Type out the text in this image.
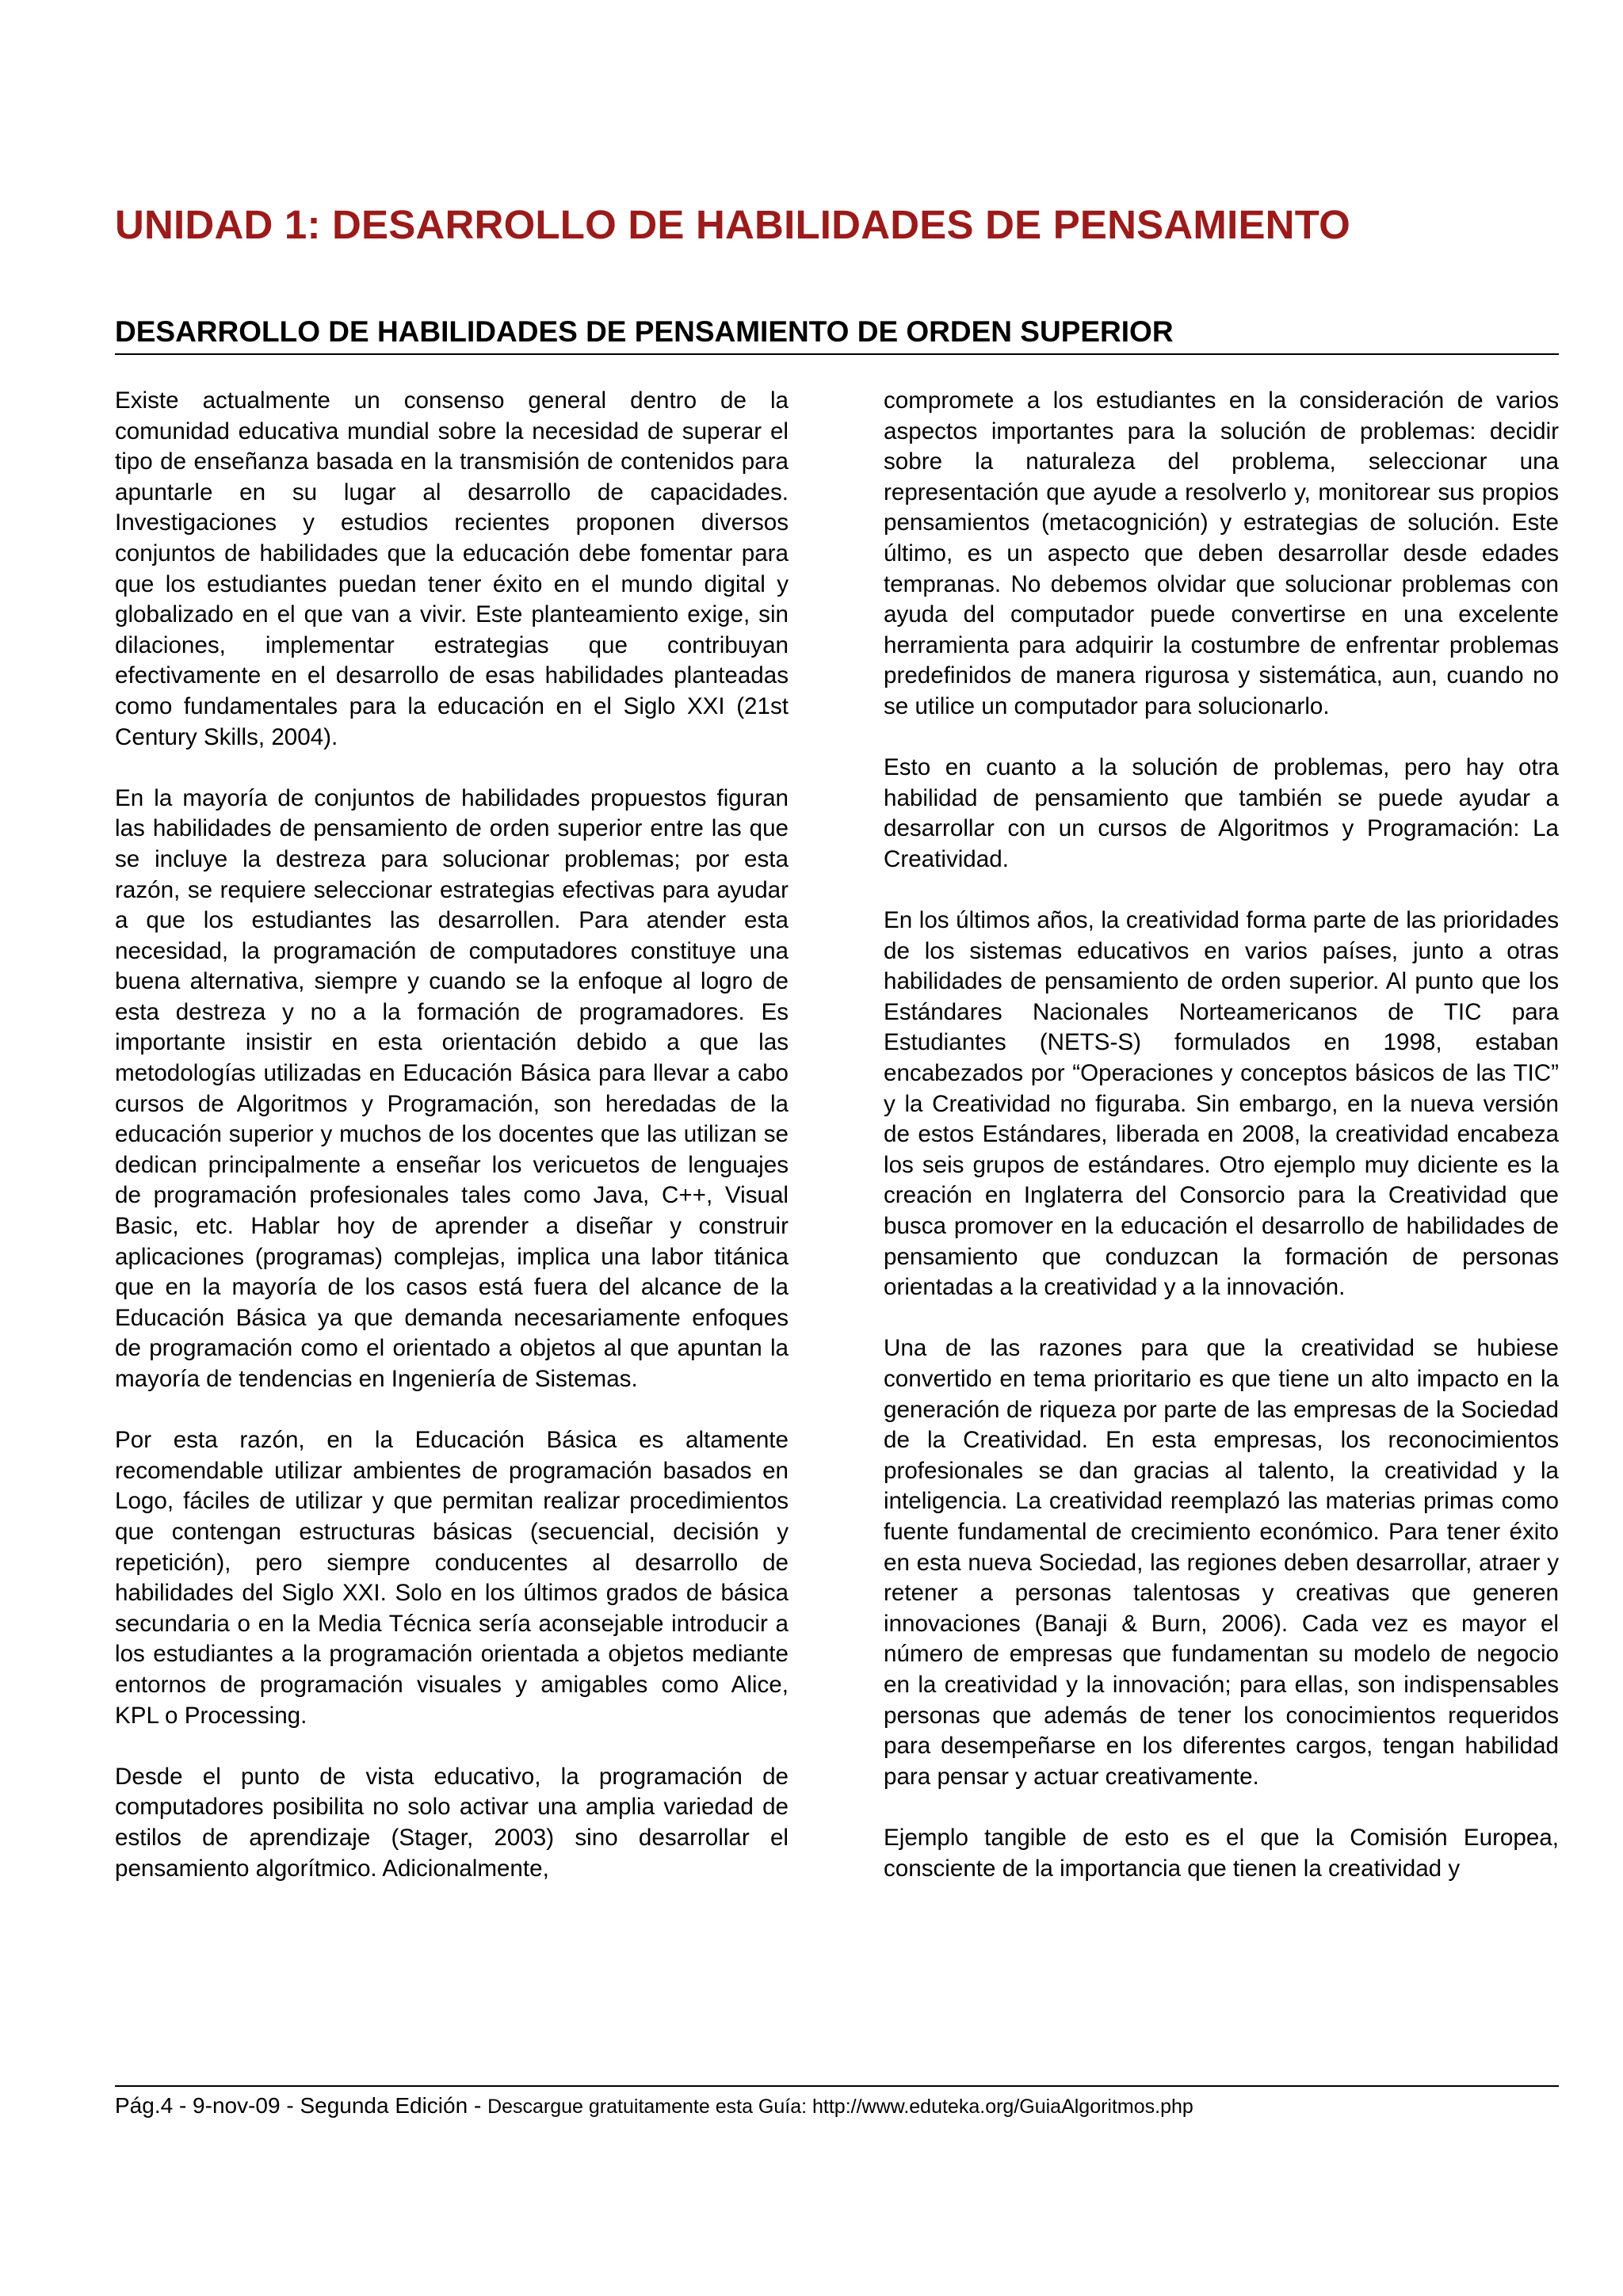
UNIDAD 1: DESARROLLO DE HABILIDADES DE PENSAMIENTO
DESARROLLO DE HABILIDADES DE PENSAMIENTO DE ORDEN SUPERIOR

Existe actualmente un consenso general dentro de la comunidad educativa mundial sobre la necesidad de superar el tipo de enseñanza basada en la transmisión de contenidos para apuntarle en su lugar al desarrollo de capacidades. Investigaciones y estudios recientes proponen diversos conjuntos de habilidades que la educación debe fomentar para que los estudiantes puedan tener éxito en el mundo digital y globalizado en el que van a vivir. Este planteamiento exige, sin dilaciones, implementar estrategias que contribuyan efectivamente en el desarrollo de esas habilidades planteadas como fundamentales para la educación en el Siglo XXI (21st Century Skills, 2004).

En la mayoría de conjuntos de habilidades propuestos figuran las habilidades de pensamiento de orden superior entre las que se incluye la destreza para solucionar problemas; por esta razón, se requiere seleccionar estrategias efectivas para ayudar a que los estudiantes las desarrollen. Para atender esta necesidad, la programación de computadores constituye una buena alternativa, siempre y cuando se la enfoque al logro de esta destreza y no a la formación de programadores. Es importante insistir en esta orientación debido a que las metodologías utilizadas en Educación Básica para llevar a cabo cursos de Algoritmos y Programación, son heredadas de la educación superior y muchos de los docentes que las utilizan se dedican principalmente a enseñar los vericuetos de lenguajes de programación profesionales tales como Java, C++, Visual Basic, etc. Hablar hoy de aprender a diseñar y construir aplicaciones (programas) complejas, implica una labor titánica que en la mayoría de los casos está fuera del alcance de la Educación Básica ya que demanda necesariamente enfoques de programación como el orientado a objetos al que apuntan la mayoría de tendencias en Ingeniería de Sistemas.

Por esta razón, en la Educación Básica es altamente recomendable utilizar ambientes de programación basados en Logo, fáciles de utilizar y que permitan realizar procedimientos que contengan estructuras básicas (secuencial, decisión y repetición), pero siempre conducentes al desarrollo de habilidades del Siglo XXI. Solo en los últimos grados de básica secundaria o en la Media Técnica sería aconsejable introducir a los estudiantes a la programación orientada a objetos mediante entornos de programación visuales y amigables como Alice, KPL o Processing.

Desde el punto de vista educativo, la programación de computadores posibilita no solo activar una amplia variedad de estilos de aprendizaje (Stager, 2003) sino desarrollar el pensamiento algorítmico. Adicionalmente,

compromete a los estudiantes en la consideración de varios aspectos importantes para la solución de problemas: decidir sobre la naturaleza del problema, seleccionar una representación que ayude a resolverlo y, monitorear sus propios pensamientos (metacognición) y estrategias de solución. Este último, es un aspecto que deben desarrollar desde edades tempranas. No debemos olvidar que solucionar problemas con ayuda del computador puede convertirse en una excelente herramienta para adquirir la costumbre de enfrentar problemas predefinidos de manera rigurosa y sistemática, aun, cuando no se utilice un computador para solucionarlo.

Esto en cuanto a la solución de problemas, pero hay otra habilidad de pensamiento que también se puede ayudar a desarrollar con un cursos de Algoritmos y Programación: La Creatividad.

En los últimos años, la creatividad forma parte de las prioridades de los sistemas educativos en varios países, junto a otras habilidades de pensamiento de orden superior. Al punto que los Estándares Nacionales Norteamericanos de TIC para Estudiantes (NETS-S) formulados en 1998, estaban encabezados por “Operaciones y conceptos básicos de las TIC” y la Creatividad no figuraba. Sin embargo, en la nueva versión de estos Estándares, liberada en 2008, la creatividad encabeza los seis grupos de estándares. Otro ejemplo muy diciente es la creación en Inglaterra del Consorcio para la Creatividad que busca promover en la educación el desarrollo de habilidades de pensamiento que conduzcan la formación de personas orientadas a la creatividad y a la innovación.

Una de las razones para que la creatividad se hubiese convertido en tema prioritario es que tiene un alto impacto en la generación de riqueza por parte de las empresas de la Sociedad de la Creatividad. En esta empresas, los reconocimientos profesionales se dan gracias al talento, la creatividad y la inteligencia. La creatividad reemplazó las materias primas como fuente fundamental de crecimiento económico. Para tener éxito en esta nueva Sociedad, las regiones deben desarrollar, atraer y retener a personas talentosas y creativas que generen innovaciones (Banaji & Burn, 2006). Cada vez es mayor el número de empresas que fundamentan su modelo de negocio en la creatividad y la innovación; para ellas, son indispensables personas que además de tener los conocimientos requeridos para desempeñarse en los diferentes cargos, tengan habilidad para pensar y actuar creativamente.

Ejemplo tangible de esto es el que la Comisión Europea, consciente de la importancia que tienen la creatividad y

Pág.4 - 9-nov-09 - Segunda Edición - Descargue gratuitamente esta Guía: http://www.eduteka.org/GuiaAlgoritmos.php
